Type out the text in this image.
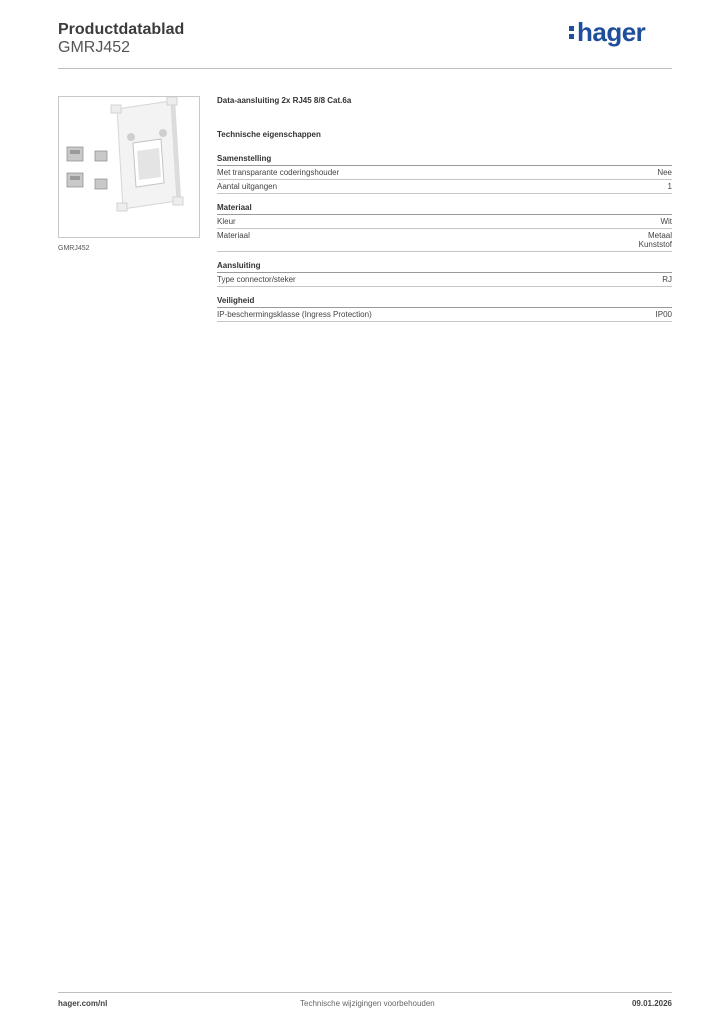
Productdatablad
GMRJ452
hager
GMRJ452
Data-aansluiting 2x RJ45 8/8 Cat.6a
Technische eigenschappen
Samenstelling
Met transparante coderingshouder	Nee
Aantal uitgangen	1
Materiaal
Kleur	Wit
Materiaal	Metaal
Kunststof
Aansluiting
Type connector/steker	RJ
Veiligheid
IP-beschermingsklasse (Ingress Protection)	IP00
hager.com/nl	Technische wijzigingen voorbehouden	09.01.2026
